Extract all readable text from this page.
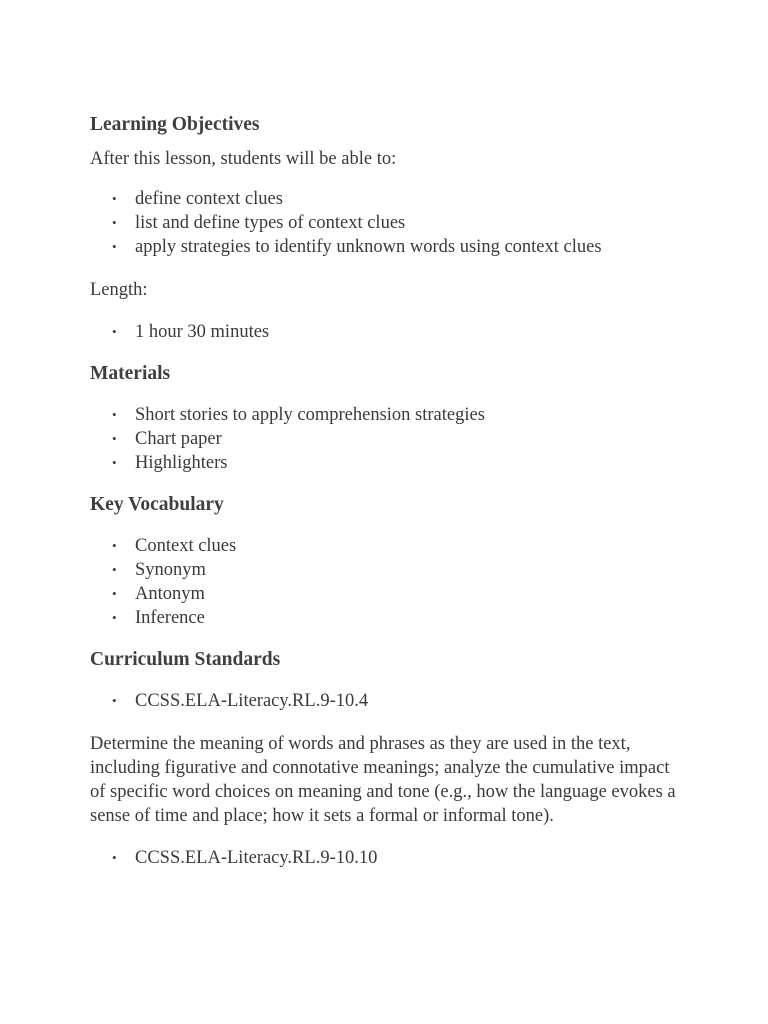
Learning Objectives

After this lesson, students will be able to:

• define context clues
• list and define types of context clues
• apply strategies to identify unknown words using context clues

Length:

• 1 hour 30 minutes
Materials
• Short stories to apply comprehension strategies
• Chart paper
• Highlighters
Key Vocabulary
• Context clues
• Synonym
• Antonym
• Inference
Curriculum Standards
• CCSS.ELA-Literacy.RL.9-10.4

Determine the meaning of words and phrases as they are used in the text, including figurative and connotative meanings; analyze the cumulative impact of specific word choices on meaning and tone (e.g., how the language evokes a sense of time and place; how it sets a formal or informal tone).

• CCSS.ELA-Literacy.RL.9-10.10
